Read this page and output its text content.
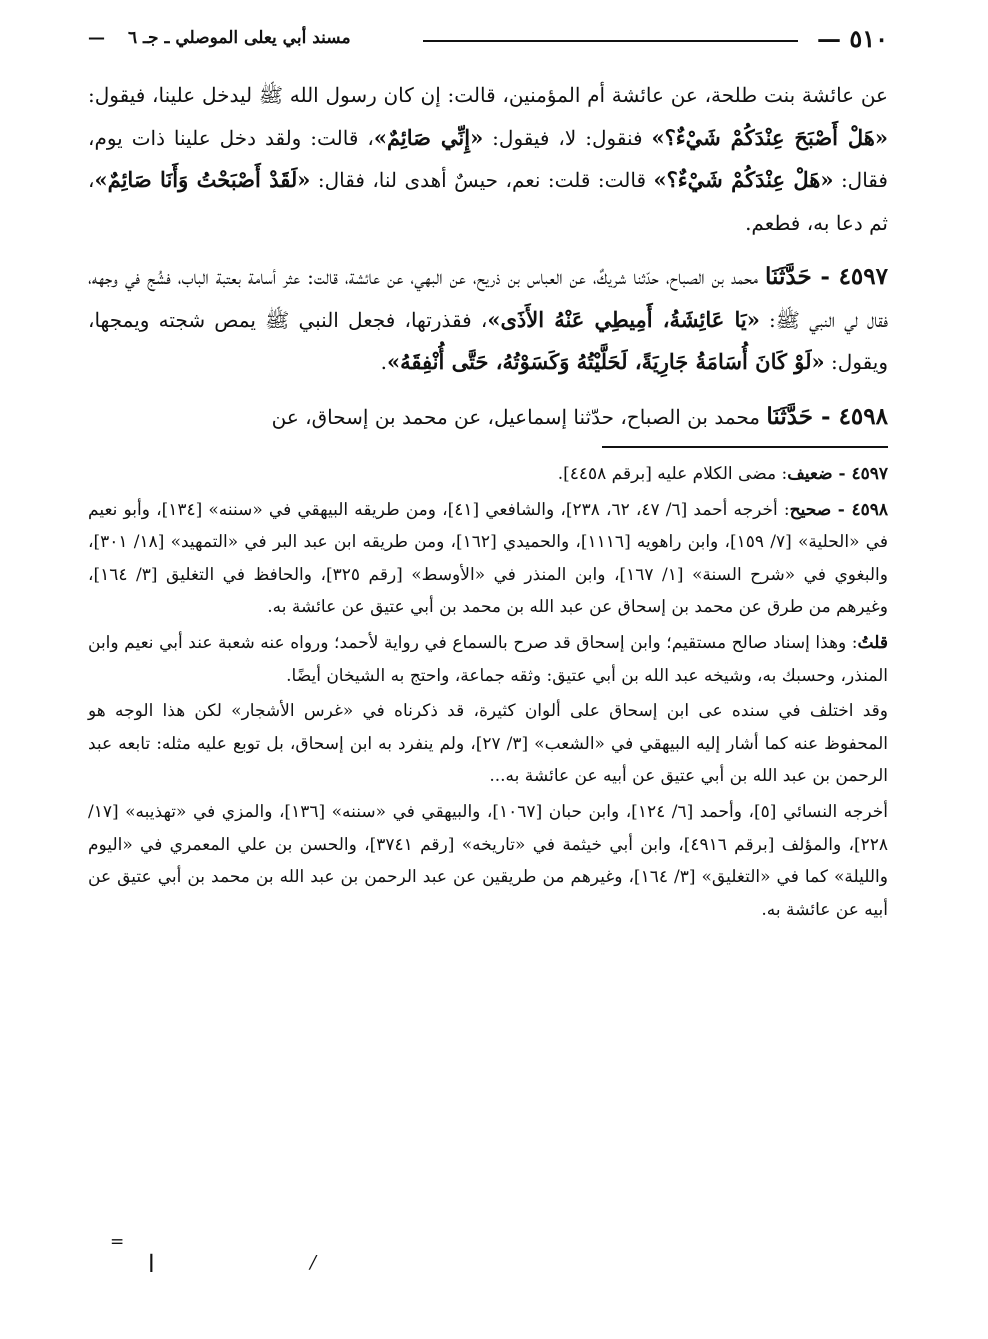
٥١٠ —
مسند أبي يعلى الموصلي ـ جـ ٦
—

عن عائشة بنت طلحة، عن عائشة أم المؤمنين، قالت: إن كان رسول الله ﷺ ليدخل علينا، فيقول: «هَلْ أَصْبَحَ عِنْدَكُمْ شَيْءٌ؟» فنقول: لا، فيقول: «إِنِّي صَائِمٌ»، قالت: ولقد دخل علينا ذات يوم، فقال: «هَلْ عِنْدَكُمْ شَيْءٌ؟» قالت: قلت: نعم، حيسٌ أهدى لنا، فقال: «لَقَدْ أَصْبَحْتُ وَأَنَا صَائِمٌ»، ثم دعا به، فطعم.

٤٥٩٧ - حَدَّثَنَا محمد بن الصباح، حدّثنا شريكٌ، عن العباس بن ذريح، عن البهي، عن عائشة، قالت: عثر أسامة بعتبة الباب، فشُج في وجهه، فقال لي النبي ﷺ: «يَا عَائِشَةُ، أَمِيطِي عَنْهُ الأَذَى»، فقذرتها، فجعل النبي ﷺ يمص شجته ويمجها، ويقول: «لَوْ كَانَ أُسَامَةُ جَارِيَةً، لَحَلَّيْتُهُ وَكَسَوْتُهُ، حَتَّى أُنْفِقَهُ».

٤٥٩٨ - حَدَّثَنَا محمد بن الصباح، حدّثنا إسماعيل، عن محمد بن إسحاق، عن

٤٥٩٧ - ضعيف: مضى الكلام عليه [برقم ٤٤٥٨].

٤٥٩٨ - صحيح: أخرجه أحمد [٦/ ٤٧، ٦٢، ٢٣٨]، والشافعي [٤١]، ومن طريقه البيهقي في «سننه» [١٣٤]، وأبو نعيم في «الحلية» [٧/ ١٥٩]، وابن راهويه [١١١٦]، والحميدي [١٦٢]، ومن طريقه ابن عبد البر في «التمهيد» [١٨/ ٣٠١]، والبغوي في «شرح السنة» [١/ ١٦٧]، وابن المنذر في «الأوسط» [رقم ٣٢٥]، والحافظ في التغليق [٣/ ١٦٤]، وغيرهم من طرق عن محمد بن إسحاق عن عبد الله بن محمد بن أبي عتيق عن عائشة به.

قلتُ: وهذا إسناد صالح مستقيم؛ وابن إسحاق قد صرح بالسماع في رواية لأحمد؛ ورواه عنه شعبة عند أبي نعيم وابن المنذر، وحسبك به، وشيخه عبد الله بن أبي عتيق: وثقه جماعة، واحتج به الشيخان أيضًا.

وقد اختلف في سنده عى ابن إسحاق على ألوان كثيرة، قد ذكرناه في «غرس الأشجار» لكن هذا الوجه هو المحفوظ عنه كما أشار إليه البيهقي في «الشعب» [٣/ ٢٧]، ولم ينفرد به ابن إسحاق، بل توبع عليه مثله: تابعه عبد الرحمن بن عبد الله بن أبي عتيق عن أبيه عن عائشة به...

أخرجه النسائي [٥]، وأحمد [٦/ ١٢٤]، وابن حبان [١٠٦٧]، والبيهقي في «سننه» [١٣٦]، والمزي في «تهذيبه» [١٧/ ٢٢٨]، والمؤلف [برقم ٤٩١٦]، وابن أبي خيثمة في «تاريخه» [رقم ٣٧٤١]، والحسن بن علي المعمري في «اليوم والليلة» كما في «التغليق» [٣/ ١٦٤]، وغيرهم من طريقين عن عبد الرحمن بن عبد الله بن محمد بن أبي عتيق عن أبيه عن عائشة به.

=
ا	/
